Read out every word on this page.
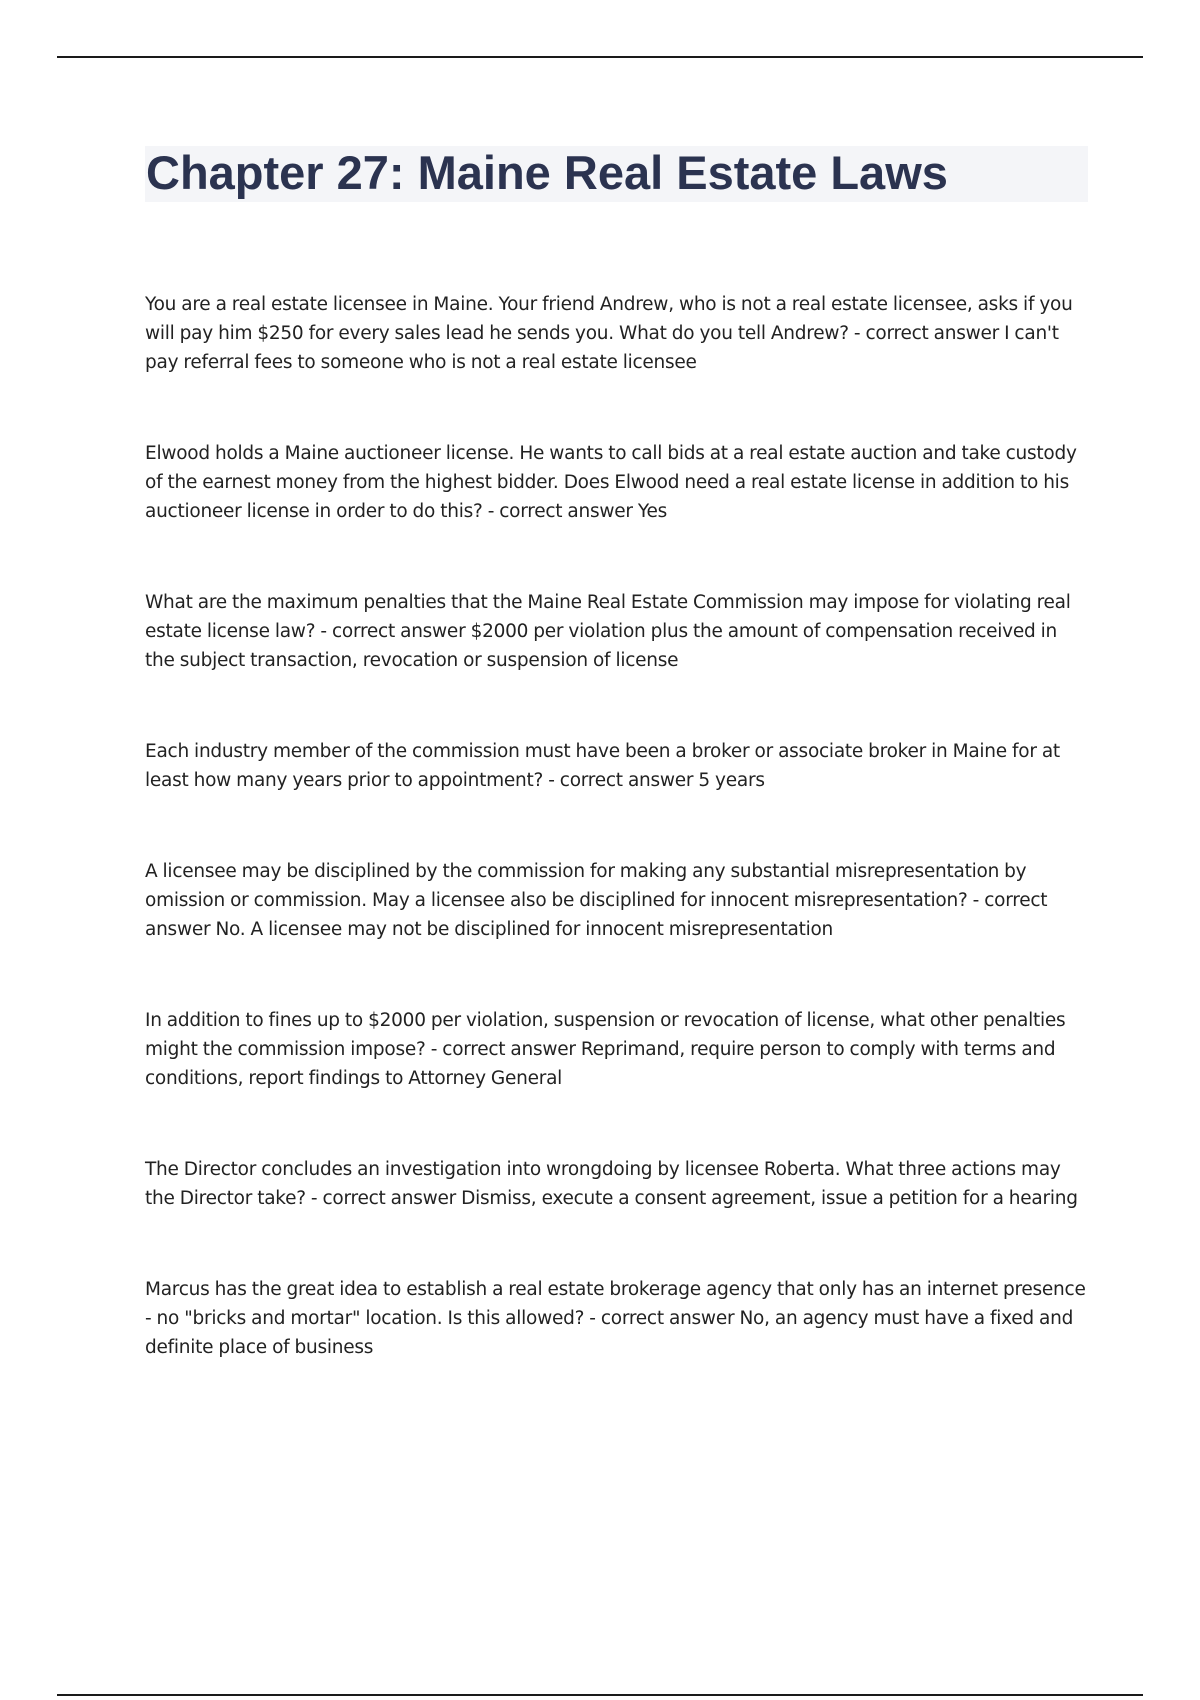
Chapter 27: Maine Real Estate Laws

You are a real estate licensee in Maine. Your friend Andrew, who is not a real estate licensee, asks if you will pay him $250 for every sales lead he sends you. What do you tell Andrew? - correct answer I can't pay referral fees to someone who is not a real estate licensee

Elwood holds a Maine auctioneer license. He wants to call bids at a real estate auction and take custody of the earnest money from the highest bidder. Does Elwood need a real estate license in addition to his auctioneer license in order to do this? - correct answer Yes

What are the maximum penalties that the Maine Real Estate Commission may impose for violating real estate license law? - correct answer $2000 per violation plus the amount of compensation received in the subject transaction, revocation or suspension of license

Each industry member of the commission must have been a broker or associate broker in Maine for at least how many years prior to appointment? - correct answer 5 years

A licensee may be disciplined by the commission for making any substantial misrepresentation by omission or commission. May a licensee also be disciplined for innocent misrepresentation? - correct answer No. A licensee may not be disciplined for innocent misrepresentation

In addition to fines up to $2000 per violation, suspension or revocation of license, what other penalties might the commission impose? - correct answer Reprimand, require person to comply with terms and conditions, report findings to Attorney General

The Director concludes an investigation into wrongdoing by licensee Roberta. What three actions may the Director take? - correct answer Dismiss, execute a consent agreement, issue a petition for a hearing

Marcus has the great idea to establish a real estate brokerage agency that only has an internet presence - no "bricks and mortar" location. Is this allowed? - correct answer No, an agency must have a fixed and definite place of business
